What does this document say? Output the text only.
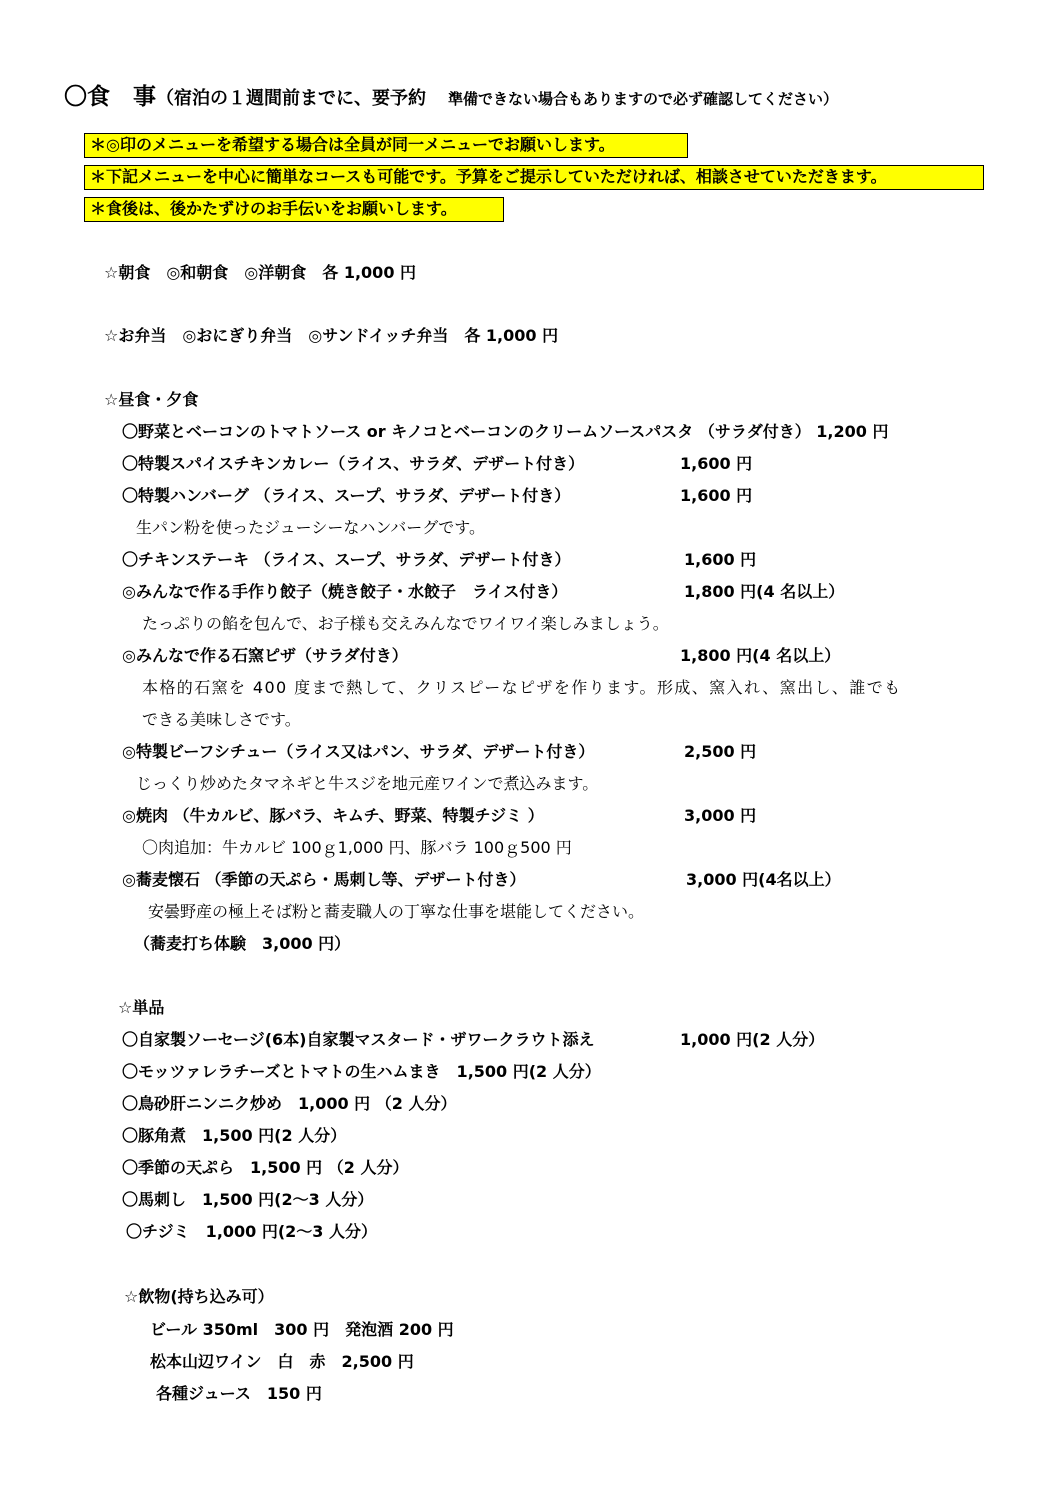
〇食　事（宿泊の１週間前までに、要予約 準備できない場合もありますので必ず確認してください）
＊◎印のメニューを希望する場合は全員が同一メニューでお願いします。
＊下記メニューを中心に簡単なコースも可能です。予算をご提示していただければ、相談させていただきます。
＊食後は、後かたずけのお手伝いをお願いします。
☆朝食　◎和朝食　◎洋朝食　各 1,000 円
☆お弁当　◎おにぎり弁当　◎サンドイッチ弁当　各 1,000 円
☆昼食・夕食
〇野菜とベーコンのトマトソース or キノコとベーコンのクリームソースパスタ （サラダ付き） 1,200 円
〇特製スパイスチキンカレー（ライス、サラダ、デザート付き）	1,600 円
〇特製ハンバーグ （ライス、スープ、サラダ、デザート付き）	1,600 円
生パン粉を使ったジューシーなハンバーグです。
〇チキンステーキ （ライス、スープ、サラダ、デザート付き）	1,600 円
◎みんなで作る手作り餃子（焼き餃子・水餃子　ライス付き）	1,800 円(4 名以上）
たっぷりの餡を包んで、お子様も交えみんなでワイワイ楽しみましょう。
◎みんなで作る石窯ピザ（サラダ付き）	1,800 円(4 名以上）
本格的石窯を 400 度まで熱して、クリスピーなピザを作ります。形成、窯入れ、窯出し、誰でも
できる美味しさです。
◎特製ビーフシチュー（ライス又はパン、サラダ、デザート付き）	2,500 円
じっくり炒めたタマネギと牛スジを地元産ワインで煮込みます。
◎焼肉 （牛カルビ、豚バラ、キムチ、野菜、特製チジミ ）	3,000 円
〇肉追加：牛カルビ 100ｇ1,000 円、豚バラ 100ｇ500 円
◎蕎麦懐石 （季節の天ぷら・馬刺し等、デザート付き）	3,000 円(4名以上）
安曇野産の極上そば粉と蕎麦職人の丁寧な仕事を堪能してください。
（蕎麦打ち体験　3,000 円）
☆単品
〇自家製ソーセージ(6本)自家製マスタード・ザワークラウト添え	1,000 円(2 人分）
〇モッツァレラチーズとトマトの生ハムまき　1,500 円(2 人分）
〇鳥砂肝ニンニク炒め　1,000 円 （2 人分）
〇豚角煮　1,500 円(2 人分）
〇季節の天ぷら　1,500 円 （2 人分）
〇馬刺し　1,500 円(2～3 人分）
〇チジミ　1,000 円(2～3 人分）
☆飲物(持ち込み可）
ビール 350ml　300 円　発泡酒 200 円
松本山辺ワイン　白　赤　2,500 円
各種ジュース　150 円
